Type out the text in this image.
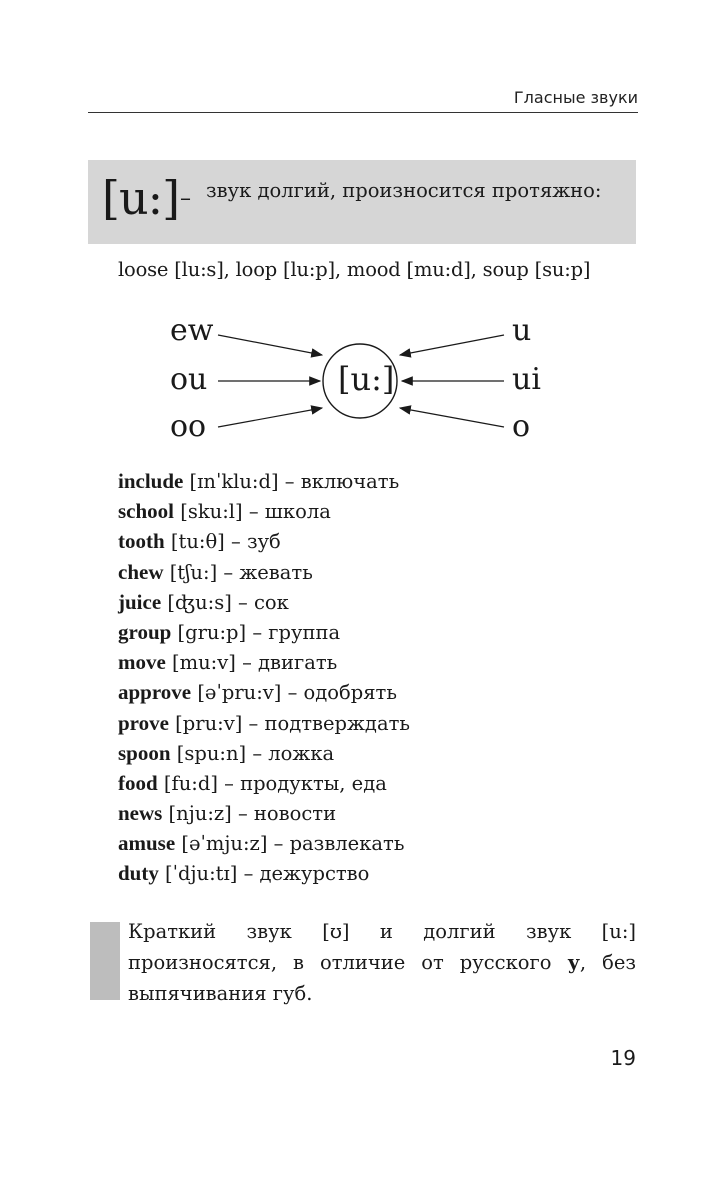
Гласные звуки
[u:] – звук долгий, произносится протяжно:
loose [lu:s], loop [lu:p], mood [mu:d], soup [su:p]
ew
ou
oo
[u:]
u
ui
o
include [ɪnˈklu:d] – включать
school [sku:l] – школа
tooth [tu:θ] – зуб
chew [tʃu:] – жевать
juice [ʤu:s] – сок
group [gru:p] – группа
move [mu:v] – двигать
approve [əˈpru:v] – одобрять
prove [pru:v] – подтверждать
spoon [spu:n] – ложка
food [fu:d] – продукты, еда
news [nju:z] – новости
amuse [əˈmju:z] – развлекать
duty [ˈdju:tɪ] – дежурство
Краткий звук [ʊ] и долгий звук [u:] произносятся, в отличие от русского у, без выпячивания губ.
19
